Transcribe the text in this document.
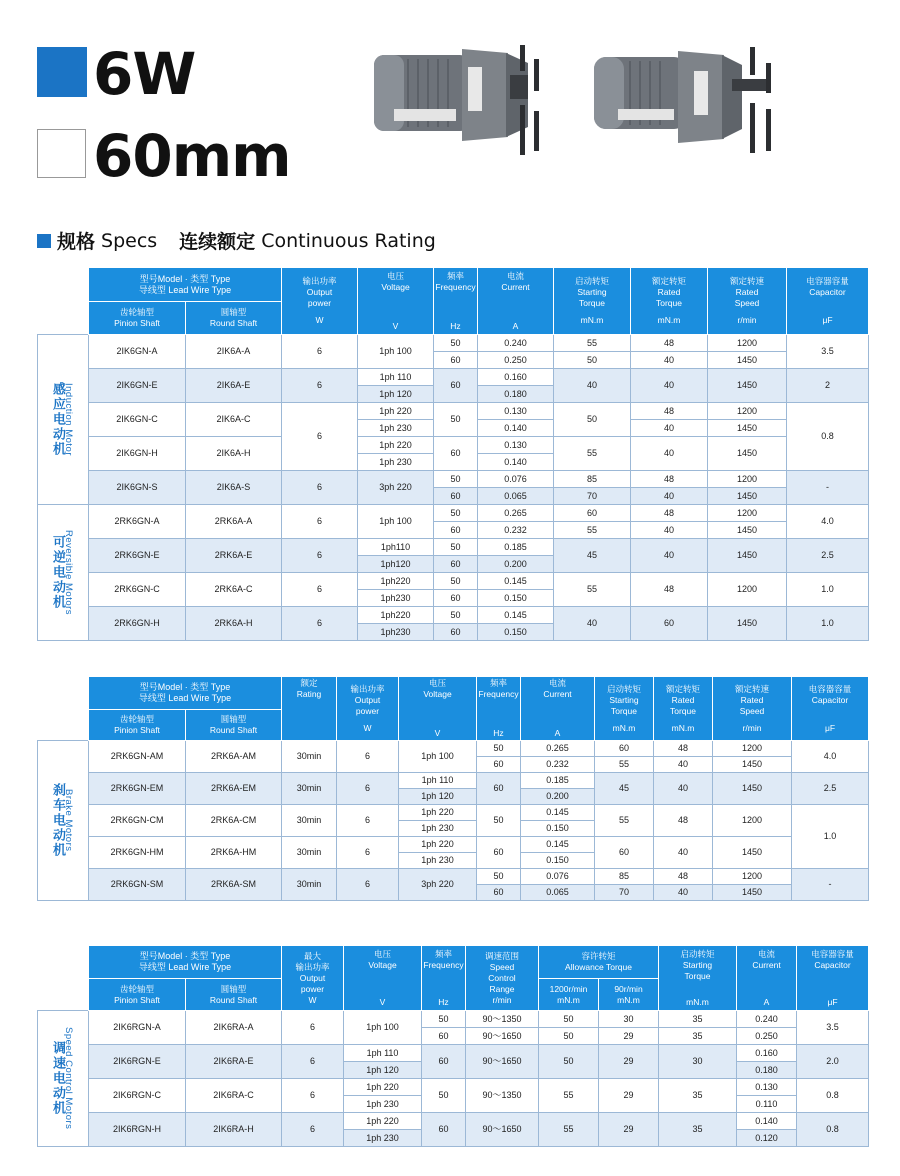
6W
60mm
规格 Specs 连续额定 Continuous Rating

	型号Model · 类型 Type
导线型 Lead Wire Type		输出功率
Output
power
W	电压
Voltage
V	频率
Frequency
Hz	电流
Current
A	启动转矩
Starting
Torque
mN.m	额定转矩
Rated
Torque
mN.m	额定转速
Rated
Speed
r/min	电容器容量
Capacitor
μF

	齿轮轴型
Pinion Shaft	圆轴型
Round Shaft								

感应电动机
Induction Motor	2IK6GN-A	2IK6A-A	6	1ph 100	50	0.240	55	48	1200	3.5
					60	0.250	50	40	1450	
	2IK6GN-E	2IK6A-E	6	1ph 110	60	0.160	40	40	1450	2
				1ph 120		0.180				
	2IK6GN-C	2IK6A-C	6	1ph 220	50	0.130	50	48	1200	0.8
				1ph 230		0.140		40	1450	
	2IK6GN-H	2IK6A-H		1ph 220	60	0.130	55	40	1450	
				1ph 230		0.140				
	2IK6GN-S	2IK6A-S	6	3ph 220	50	0.076	85	48	1200	-
					60	0.065	70	40	1450	

可逆电动机
Reversible Motors	2RK6GN-A	2RK6A-A	6	1ph 100	50	0.265	60	48	1200	4.0
					60	0.232	55	40	1450	
	2RK6GN-E	2RK6A-E	6	1ph110	50	0.185	45	40	1450	2.5
				1ph120	60	0.200				
	2RK6GN-C	2RK6A-C	6	1ph220	50	0.145	55	48	1200	1.0
				1ph230	60	0.150				
	2RK6GN-H	2RK6A-H	6	1ph220	50	0.145	40	60	1450	1.0
				1ph230	60	0.150				

	型号Model · 类型 Type
导线型 Lead Wire Type		额定
Rating	输出功率
Output
power
W	电压
Voltage
V	频率
Frequency
Hz	电流
Current
A	启动转矩
Starting
Torque
mN.m	额定转矩
Rated
Torque
mN.m	额定转速
Rated
Speed
r/min	电容器容量
Capacitor
μF

	齿轮轴型
Pinion Shaft	圆轴型
Round Shaft									

刹车电动机
Brake Motors	2RK6GN-AM	2RK6A-AM	30min	6	1ph 100	50	0.265	60	48	1200	4.0
						60	0.232	55	40	1450	
	2RK6GN-EM	2RK6A-EM	30min	6	1ph 110	60	0.185	45	40	1450	2.5
					1ph 120		0.200				
	2RK6GN-CM	2RK6A-CM	30min	6	1ph 220	50	0.145	55	48	1200	1.0
					1ph 230		0.150				
	2RK6GN-HM	2RK6A-HM	30min	6	1ph 220	60	0.145	60	40	1450	
					1ph 230		0.150				
	2RK6GN-SM	2RK6A-SM	30min	6	3ph 220	50	0.076	85	48	1200	-
						60	0.065	70	40	1450	

	型号Model · 类型 Type
导线型 Lead Wire Type		最大
输出功率
Output
power
W	电压
Voltage
V	频率
Frequency
Hz	调速范围
Speed
Control
Range
r/min	容许转矩
Allowance Torque		启动转矩
Starting
Torque
mN.m	电流
Current
A	电容器容量
Capacitor
μF

	齿轮轴型
Pinion Shaft	圆轴型
Round Shaft					1200r/min
mN.m	90r/min
mN.m			

调速电动机
Speed Control Motors	2IK6RGN-A	2IK6RA-A	6	1ph 100	50	90～1350	50	30	35	0.240	3.5
					60	90～1650	50	29	35	0.250	
	2IK6RGN-E	2IK6RA-E	6	1ph 110	60	90～1650	50	29	30	0.160	2.0
				1ph 120						0.180	
	2IK6RGN-C	2IK6RA-C	6	1ph 220	50	90～1350	55	29	35	0.130	0.8
				1ph 230						0.110	
	2IK6RGN-H	2IK6RA-H	6	1ph 220	60	90～1650	55	29	35	0.140	0.8
				1ph 230						0.120	
